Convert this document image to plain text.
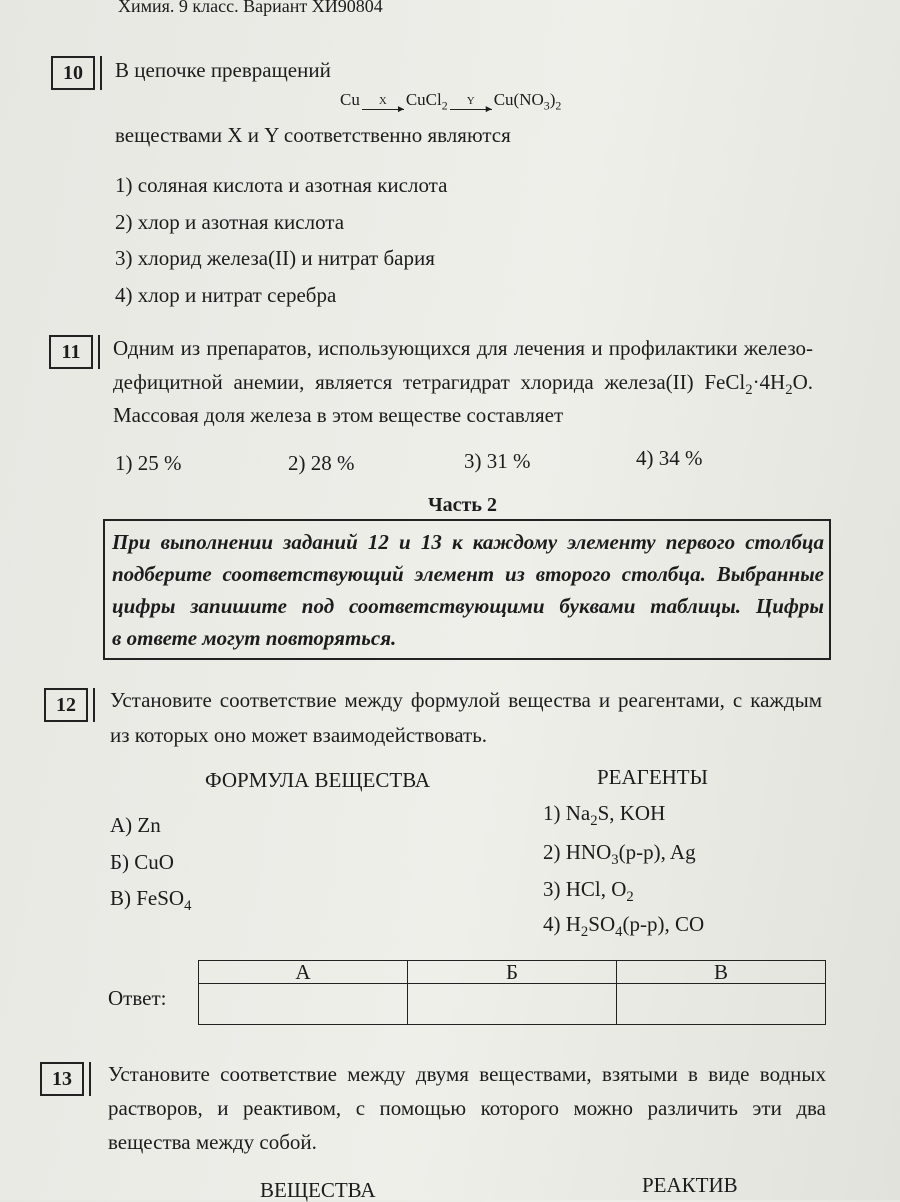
Химия. 9 класс. Вариант ХИ90804
10	В цепочке превращений
Cu	X
►
CuCl$_2$	Y
►
$Cu(NO_3)_2$
веществами X и Y соответственно являются
1) соляная кислота и азотная кислота
2) хлор и азотная кислота
3) хлорид железа(II) и нитрат бария
4) хлор и нитрат серебра
11	Одним из препаратов, использующихся для лечения и профилактики железо-
дефицитной анемии, является тетрагидрат хлорида железа(II) $FeCl_2\cdot 4H_2O$.
Массовая доля железа в этом веществе составляет
1) 25 %	2) 28 %	3) 31 %	4) 34 %
Часть 2
При выполнении заданий 12 и 13 к каждому элементу первого столбца
подберите соответствующий элемент из второго столбца. Выбранные
цифры запишите под соответствующими буквами таблицы. Цифры
в ответе могут повторяться.
12	Установите соответствие между формулой вещества и реагентами, с каждым
из которых оно может взаимодействовать.
ФОРМУЛА ВЕЩЕСТВА	РЕАГЕНТЫ
А) Zn
Б) CuO
В) FeSO$_4$
1) $Na_2S$, KOH
2) $HNO_3(р-р)$, Ag
3) HCl, $O_2$
4) $H_2SO_4(р-р)$, CO
Ответ:
А	Б	В

13	Установите соответствие между двумя веществами, взятыми в виде водных
растворов, и реактивом, с помощью которого можно различить эти два
вещества между собой.
ВЕЩЕСТВА	РЕАКТИВ
